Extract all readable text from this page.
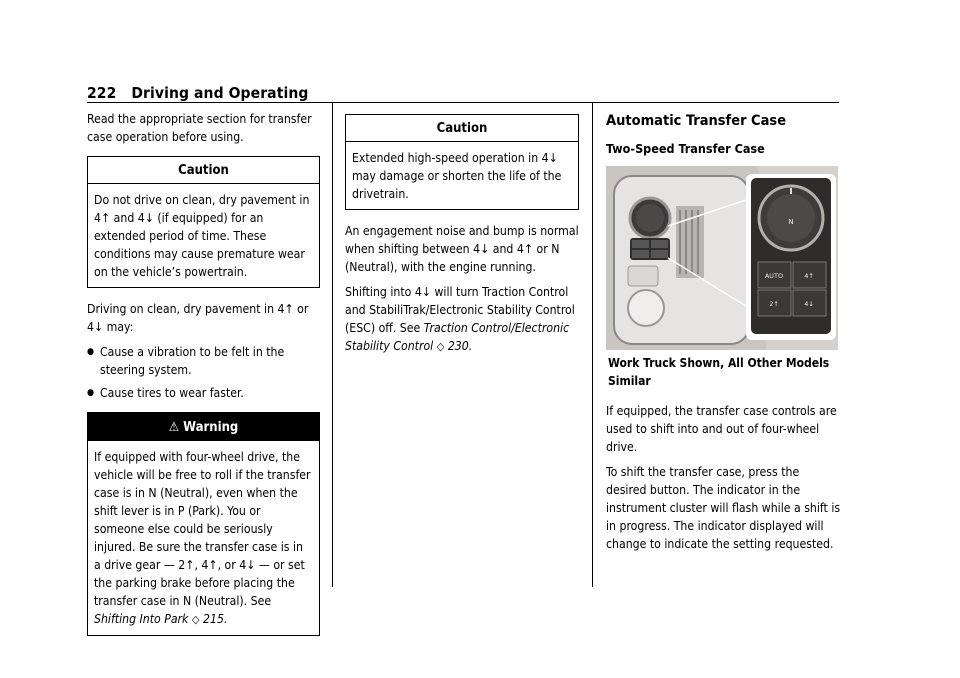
222 Driving and Operating

Read the appropriate section for transfer case operation before using.

Caution

Do not drive on clean, dry pavement in 4↑ and 4↓ (if equipped) for an extended period of time. These conditions may cause premature wear on the vehicle’s powertrain.

Driving on clean, dry pavement in 4↑ or 4↓ may:

● Cause a vibration to be felt in the steering system.
● Cause tires to wear faster.
⚠ Warning

If equipped with four-wheel drive, the vehicle will be free to roll if the transfer case is in N (Neutral), even when the shift lever is in P (Park). You or someone else could be seriously injured. Be sure the transfer case is in a drive gear — 2↑, 4↑, or 4↓ — or set the parking brake before placing the transfer case in N (Neutral). See Shifting Into Park ◇ 215.

Caution

Extended high-speed operation in 4↓ may damage or shorten the life of the drivetrain.

An engagement noise and bump is normal when shifting between 4↓ and 4↑ or N (Neutral), with the engine running.

Shifting into 4↓ will turn Traction Control and StabiliTrak/Electronic Stability Control (ESC) off. See Traction Control/Electronic Stability Control ◇ 230.

Automatic Transfer Case
Two-Speed Transfer Case
N
AUTO	4↑
2↑	4↓
Work Truck Shown, All Other Models Similar

If equipped, the transfer case controls are used to shift into and out of four-wheel drive.

To shift the transfer case, press the desired button. The indicator in the instrument cluster will flash while a shift is in progress. The indicator displayed will change to indicate the setting requested.
